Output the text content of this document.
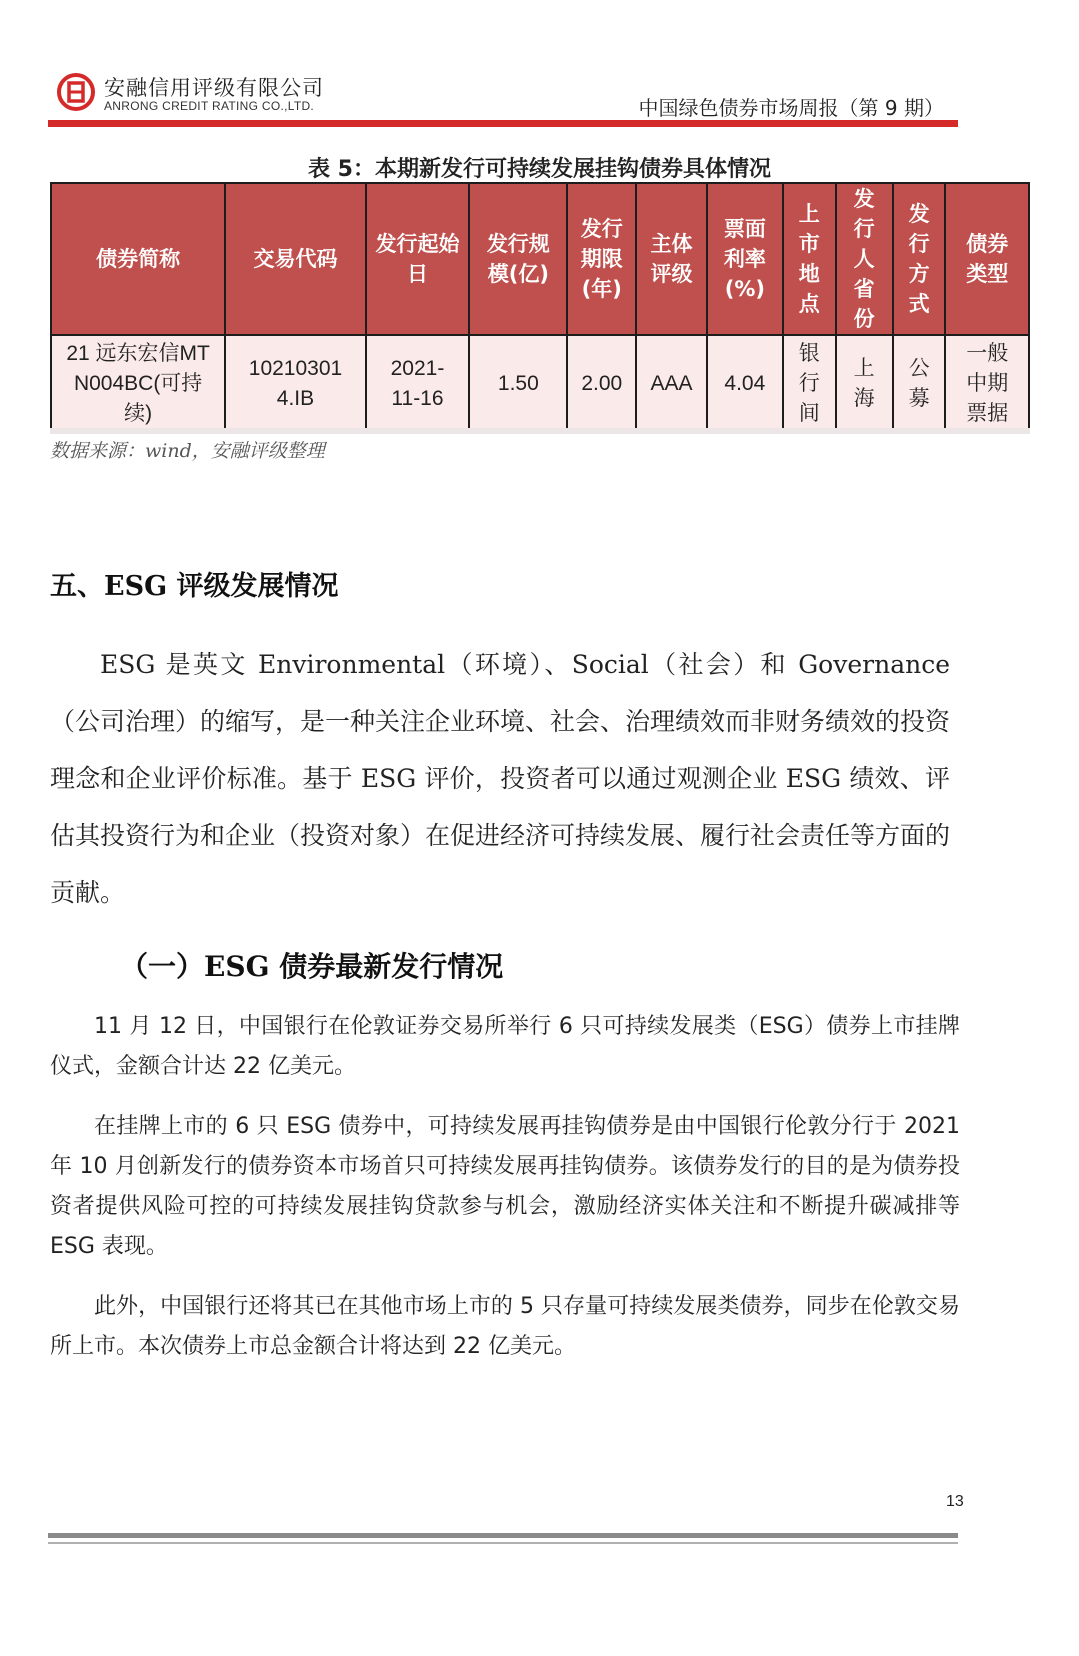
安融信用评级有限公司
ANRONG CREDIT RATING CO.,LTD.	中国绿色债券市场周报（第 9 期）
表 5：本期新发行可持续发展挂钩债券具体情况
债券简称	交易代码	发行起始日	发行规模(亿)	发行期限(年)	主体评级	票面利率(%)	上市地点	发行人省份	发行方式	债券类型
21 远东宏信MTN004BC(可持续)	102103014.IB	2021-11-16	1.50	2.00	AAA	4.04	银行间	上海	公募	一般中期票据
数据来源：wind，安融评级整理
五、ESG 评级发展情况

ESG 是英文 Environmental（环境）、Social（社会）和 Governance（公司治理）的缩写，是一种关注企业环境、社会、治理绩效而非财务绩效的投资理念和企业评价标准。基于 ESG 评价，投资者可以通过观测企业 ESG 绩效、评估其投资行为和企业（投资对象）在促进经济可持续发展、履行社会责任等方面的贡献。

（一）ESG 债券最新发行情况

11 月 12 日，中国银行在伦敦证券交易所举行 6 只可持续发展类（ESG）债券上市挂牌仪式，金额合计达 22 亿美元。

在挂牌上市的 6 只 ESG 债券中，可持续发展再挂钩债券是由中国银行伦敦分行于 2021 年 10 月创新发行的债券资本市场首只可持续发展再挂钩债券。该债券发行的目的是为债券投资者提供风险可控的可持续发展挂钩贷款参与机会，激励经济实体关注和不断提升碳减排等 ESG 表现。

此外，中国银行还将其已在其他市场上市的 5 只存量可持续发展类债券，同步在伦敦交易所上市。本次债券上市总金额合计将达到 22 亿美元。

13
